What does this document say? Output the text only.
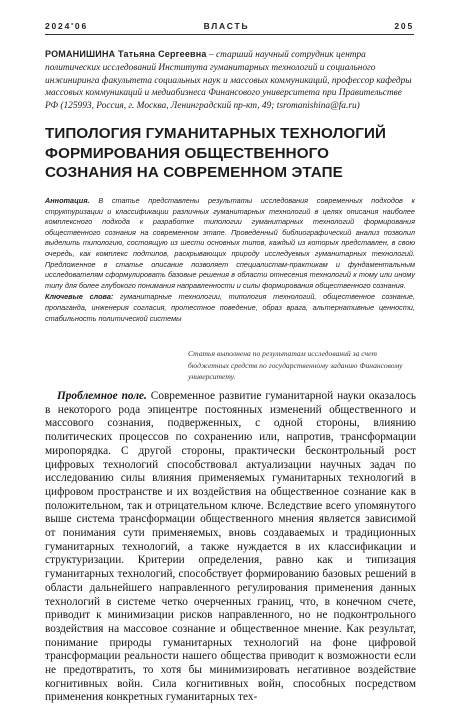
2024'06	ВЛАСТЬ	205
РОМАНИШИНА Татьяна Сергеевна – старший научный сотрудник центра политических исследований Института гуманитарных технологий и социального инжиниринга факультета социальных наук и массовых коммуникаций, профессор кафедры массовых коммуникаций и медиабизнеса Финансового университета при Правительстве РФ (125993, Россия, г. Москва, Ленинградский пр-кт, 49; tsromanishina@fa.ru)
ТИПОЛОГИЯ ГУМАНИТАРНЫХ ТЕХНОЛОГИЙ ФОРМИРОВАНИЯ ОБЩЕСТВЕННОГО СОЗНАНИЯ НА СОВРЕМЕННОМ ЭТАПЕ
Аннотация. В статье представлены результаты исследования современных подходов к структуризации и классификации различных гуманитарных технологий в целях описания наиболее комплексного подхода к разработке типологии гуманитарных технологий формирования общественного сознания на современном этапе. Проведенный библиографический анализ позволил выделить типологию, состоящую из шести основных типов, каждый из которых представлен, в свою очередь, как комплекс подтипов, раскрывающих природу исследуемых гуманитарных технологий. Предложенное в статье описание позволяет специалистам-практикам и фундаментальным исследователям сформулировать базовые решения в области отнесения технологий к тому или иному типу для более глубокого понимания направленности и силы формирования общественного сознания.
Ключевые слова: гуманитарные технологии, типология технологий, общественное сознание, пропаганда, инженерия согласия, протестное поведение, образ врага, альтернативные ценности, стабильность политической системы
Статья выполнена по результатам исследований за счет бюджетных средств по государственному заданию Финансовому университету.
Проблемное поле. Современное развитие гуманитарной науки оказалось в некоторого рода эпицентре постоянных изменений общественного и массового сознания, подверженных, с одной стороны, влиянию политических процессов по сохранению или, напротив, трансформации миропорядка. С другой стороны, практически бесконтрольный рост цифровых технологий способствовал актуализации научных задач по исследованию силы влияния применяемых гуманитарных технологий в цифровом пространстве и их воздействия на общественное сознание как в положительном, так и отрицательном ключе. Вследствие всего упомянутого выше система трансформации общественного мнения является зависимой от понимания сути применяемых, вновь создаваемых и традиционных гуманитарных технологий, а также нуждается в их классификации и структуризации. Критерии определения, равно как и типизация гуманитарных технологий, способствует формированию базовых решений в области дальнейшего направленного регулирования применения данных технологий в системе четко очерченных границ, что, в конечном счете, приводит к минимизации рисков направленного, но не подконтрольного воздействия на массовое сознание и общественное мнение. Как результат, понимание природы гуманитарных технологий на фоне цифровой трансформации реальности нашего общества приводит к возможности если не предотвратить, то хотя бы минимизировать негативное воздействие когнитивных войн. Сила когнитивных войн, способных посредством применения конкретных гуманитарных тех-
